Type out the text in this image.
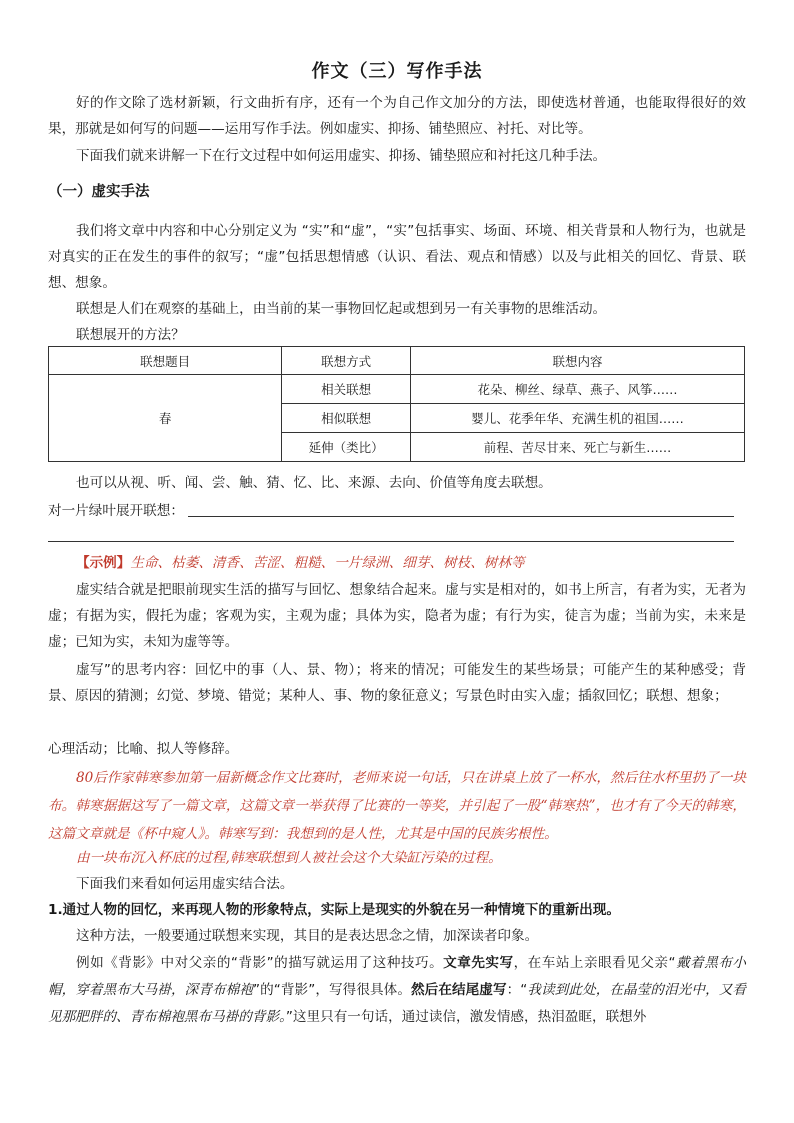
作文（三）写作手法
好的作文除了选材新颖，行文曲折有序，还有一个为自己作文加分的方法，即使选材普通，也能取得很好的效果，那就是如何写的问题——运用写作手法。例如虚实、抑扬、铺垫照应、衬托、对比等。
下面我们就来讲解一下在行文过程中如何运用虚实、抑扬、铺垫照应和衬托这几种手法。
（一）虚实手法
我们将文章中内容和中心分别定义为 “实”和“虚”，“实”包括事实、场面、环境、相关背景和人物行为，也就是对真实的正在发生的事件的叙写；“虚”包括思想情感（认识、看法、观点和情感）以及与此相关的回忆、背景、联想、想象。
联想是人们在观察的基础上，由当前的某一事物回忆起或想到另一有关事物的思维活动。
联想展开的方法？
联想题目	联想方式	联想内容
春	相关联想	花朵、柳丝、绿草、燕子、风筝……
	相似联想	婴儿、花季年华、充满生机的祖国……
	延伸（类比）	前程、苦尽甘来、死亡与新生……
也可以从视、听、闻、尝、触、猜、忆、比、来源、去向、价值等角度去联想。
对一片绿叶展开联想：
【示例】生命、枯萎、清香、苦涩、粗糙、一片绿洲、细芽、树枝、树林等
虚实结合就是把眼前现实生活的描写与回忆、想象结合起来。虚与实是相对的，如书上所言，有者为实，无者为虚；有据为实，假托为虚；客观为实，主观为虚；具体为实，隐者为虚；有行为实，徒言为虚；当前为实，未来是虚；已知为实，未知为虚等等。
虚写”的思考内容：回忆中的事（人、景、物）；将来的情况；可能发生的某些场景；可能产生的某种感受；背景、原因的猜测；幻觉、梦境、错觉；某种人、事、物的象征意义；写景色时由实入虚；插叙回忆；联想、想象；
心理活动；比喻、拟人等修辞。
80后作家韩寒参加第一届新概念作文比赛时，老师来说一句话，只在讲桌上放了一杯水，然后往水杯里扔了一块布。韩寒据据这写了一篇文章，这篇文章一举获得了比赛的一等奖，并引起了一股“韩寒热”，也才有了今天的韩寒，这篇文章就是《杯中窥人》。韩寒写到：我想到的是人性，尤其是中国的民族劣根性。
由一块布沉入杯底的过程,韩寒联想到人被社会这个大染缸污染的过程。
下面我们来看如何运用虚实结合法。
1.通过人物的回忆，来再现人物的形象特点，实际上是现实的外貌在另一种情境下的重新出现。
这种方法，一般要通过联想来实现，其目的是表达思念之情，加深读者印象。
例如《背影》中对父亲的“背影”的描写就运用了这种技巧。文章先实写，在车站上亲眼看见父亲“戴着黑布小帽，穿着黑布大马褂，深青布棉袍”的“背影”，写得很具体。然后在结尾虚写：“我读到此处，在晶莹的泪光中，又看见那肥胖的、青布棉袍黑布马褂的背影。”这里只有一句话，通过读信，激发情感，热泪盈眶，联想外
